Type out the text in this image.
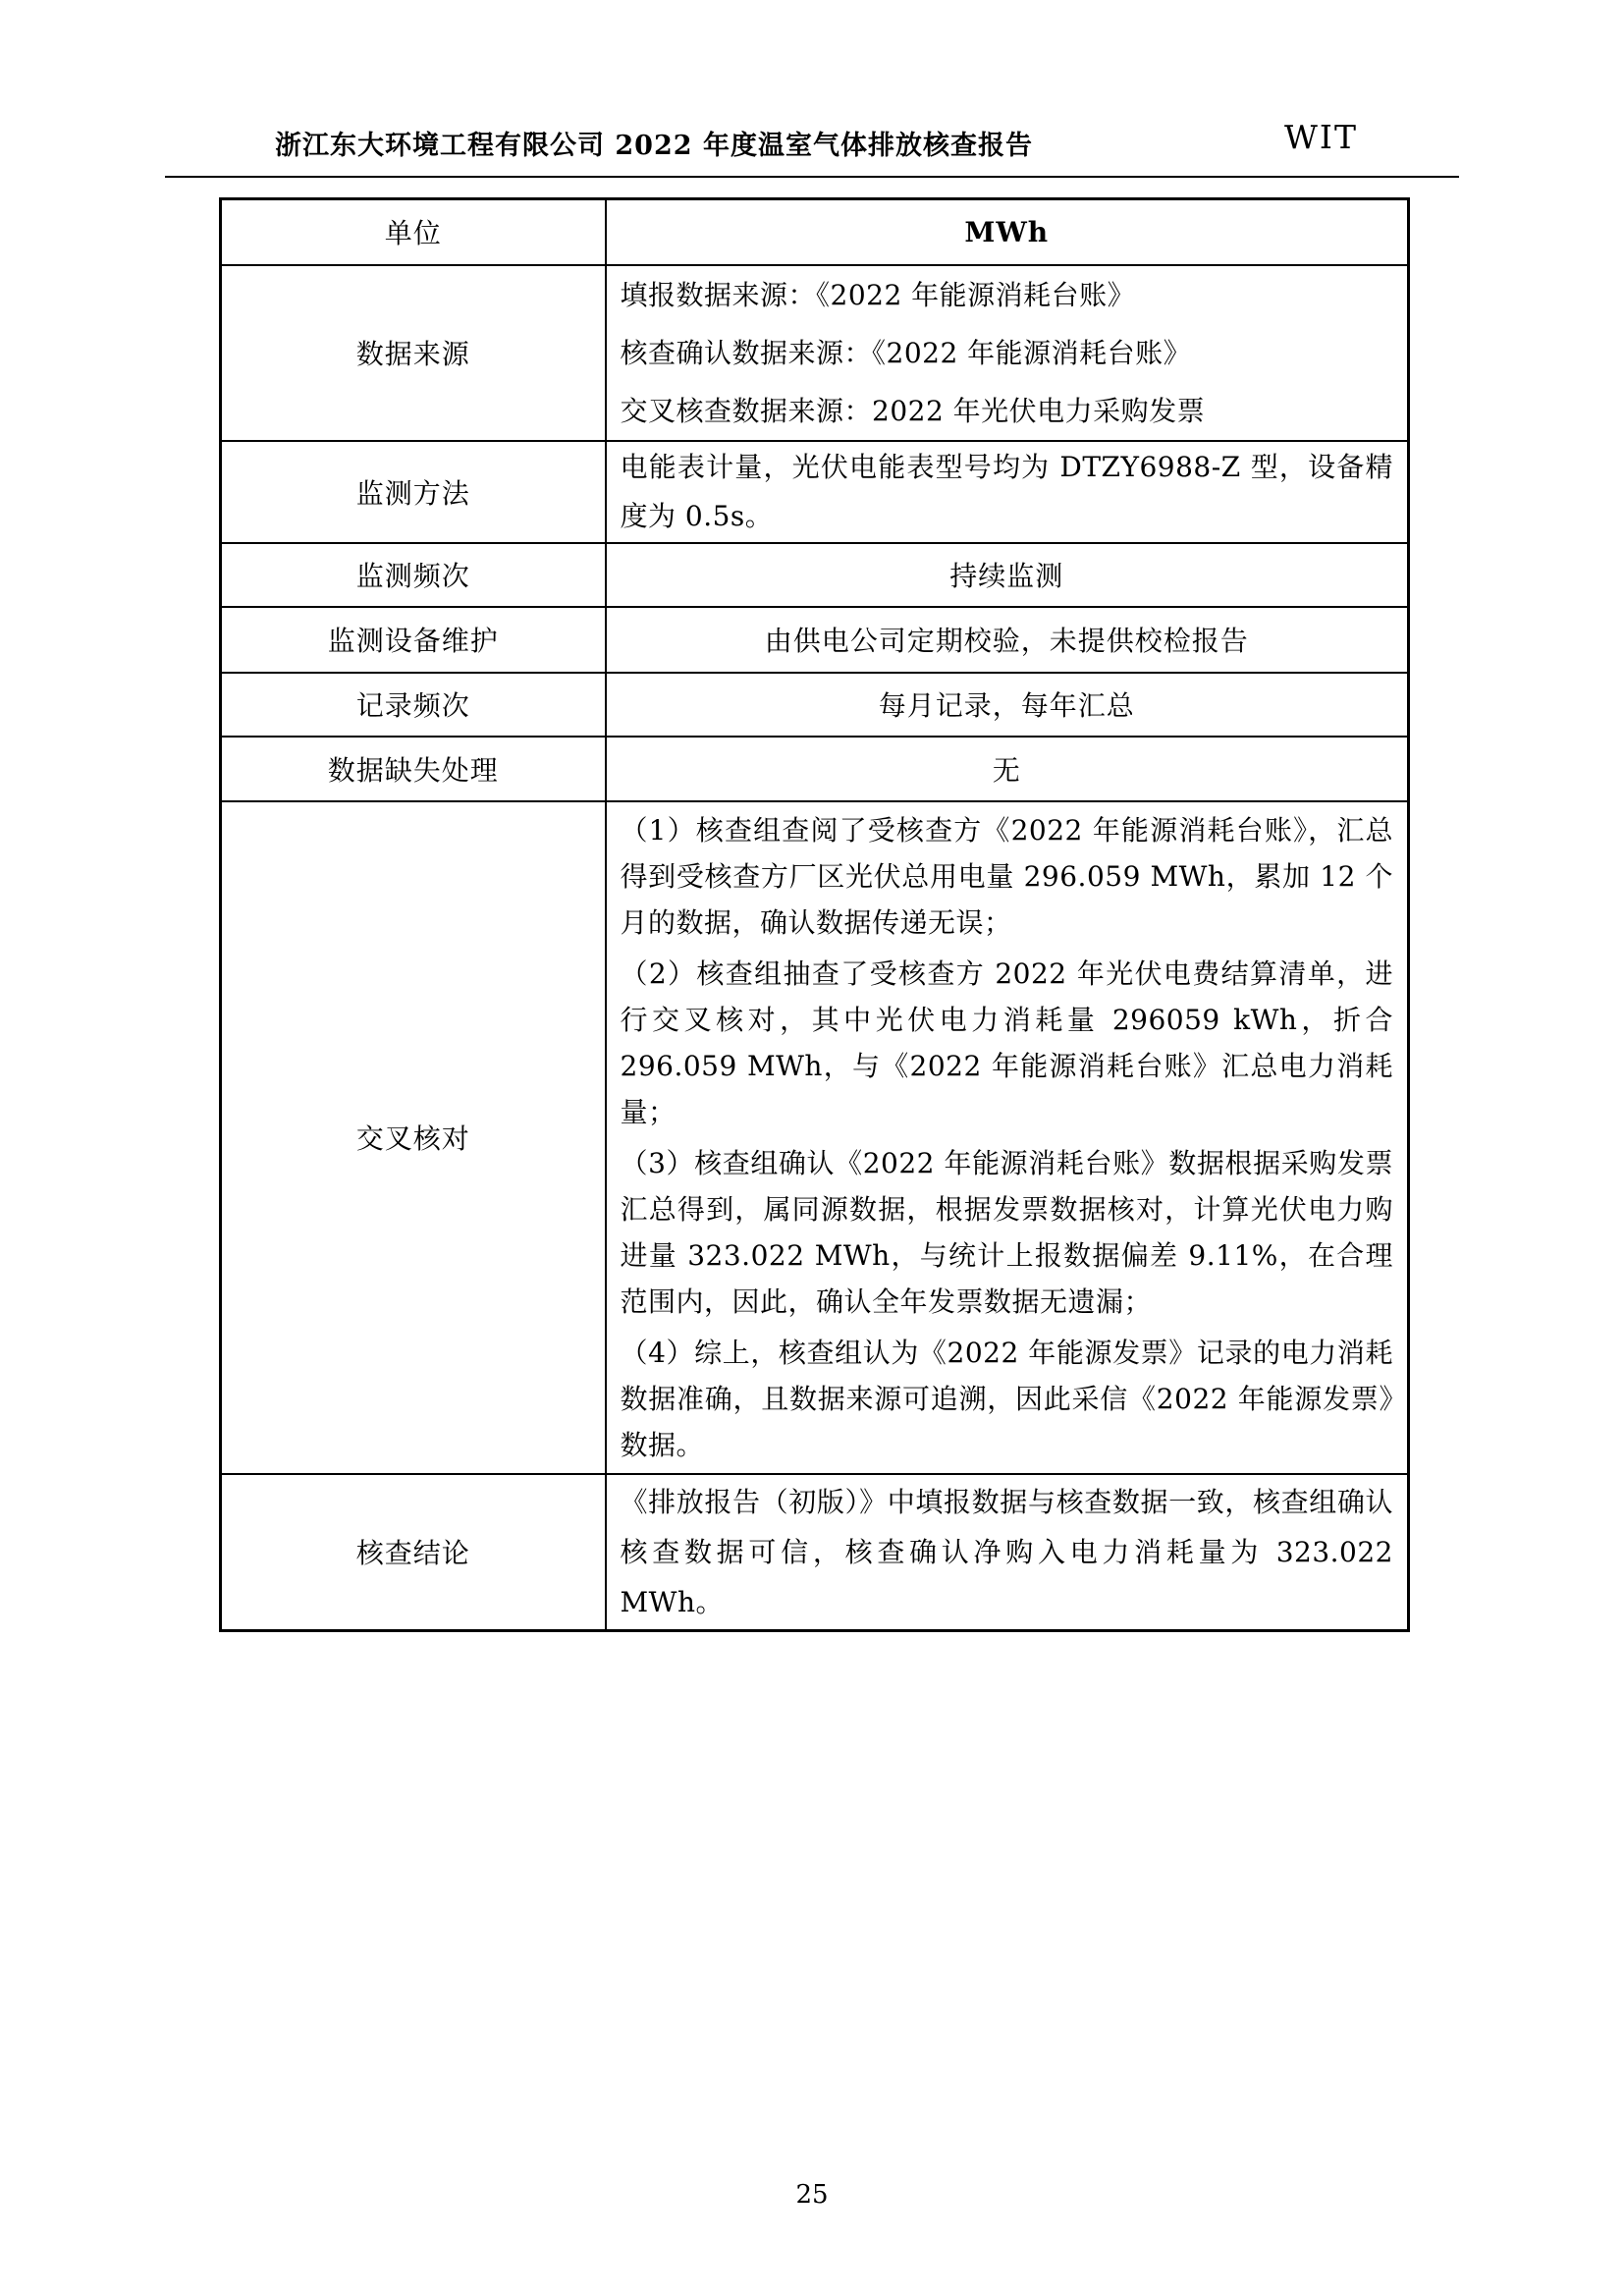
浙江东大环境工程有限公司 2022 年度温室气体排放核查报告	WIT
单位	MWh
数据来源	填报数据来源：《2022 年能源消耗台账》
核查确认数据来源：《2022 年能源消耗台账》
交叉核查数据来源：2022 年光伏电力采购发票

监测方法	电能表计量，光伏电能表型号均为 DTZY6988-Z 型，设备精度为 0.5s。
监测频次	持续监测
监测设备维护	由供电公司定期校验，未提供校检报告
记录频次	每月记录，每年汇总
数据缺失处理	无
交叉核对	（1）核查组查阅了受核查方《2022 年能源消耗台账》，汇总得到受核查方厂区光伏总用电量 296.059 MWh，累加 12 个月的数据，确认数据传递无误；
（2）核查组抽查了受核查方 2022 年光伏电费结算清单，进行交叉核对，其中光伏电力消耗量 296059 kWh，折合 296.059 MWh，与《2022 年能源消耗台账》汇总电力消耗量；
（3）核查组确认《2022 年能源消耗台账》数据根据采购发票汇总得到，属同源数据，根据发票数据核对，计算光伏电力购进量 323.022 MWh，与统计上报数据偏差 9.11%，在合理范围内，因此，确认全年发票数据无遗漏；
（4）综上，核查组认为《2022 年能源发票》记录的电力消耗数据准确，且数据来源可追溯，因此采信《2022 年能源发票》数据。

核查结论	《排放报告（初版）》中填报数据与核查数据一致，核查组确认核查数据可信，核查确认净购入电力消耗量为 323.022 MWh。
25
